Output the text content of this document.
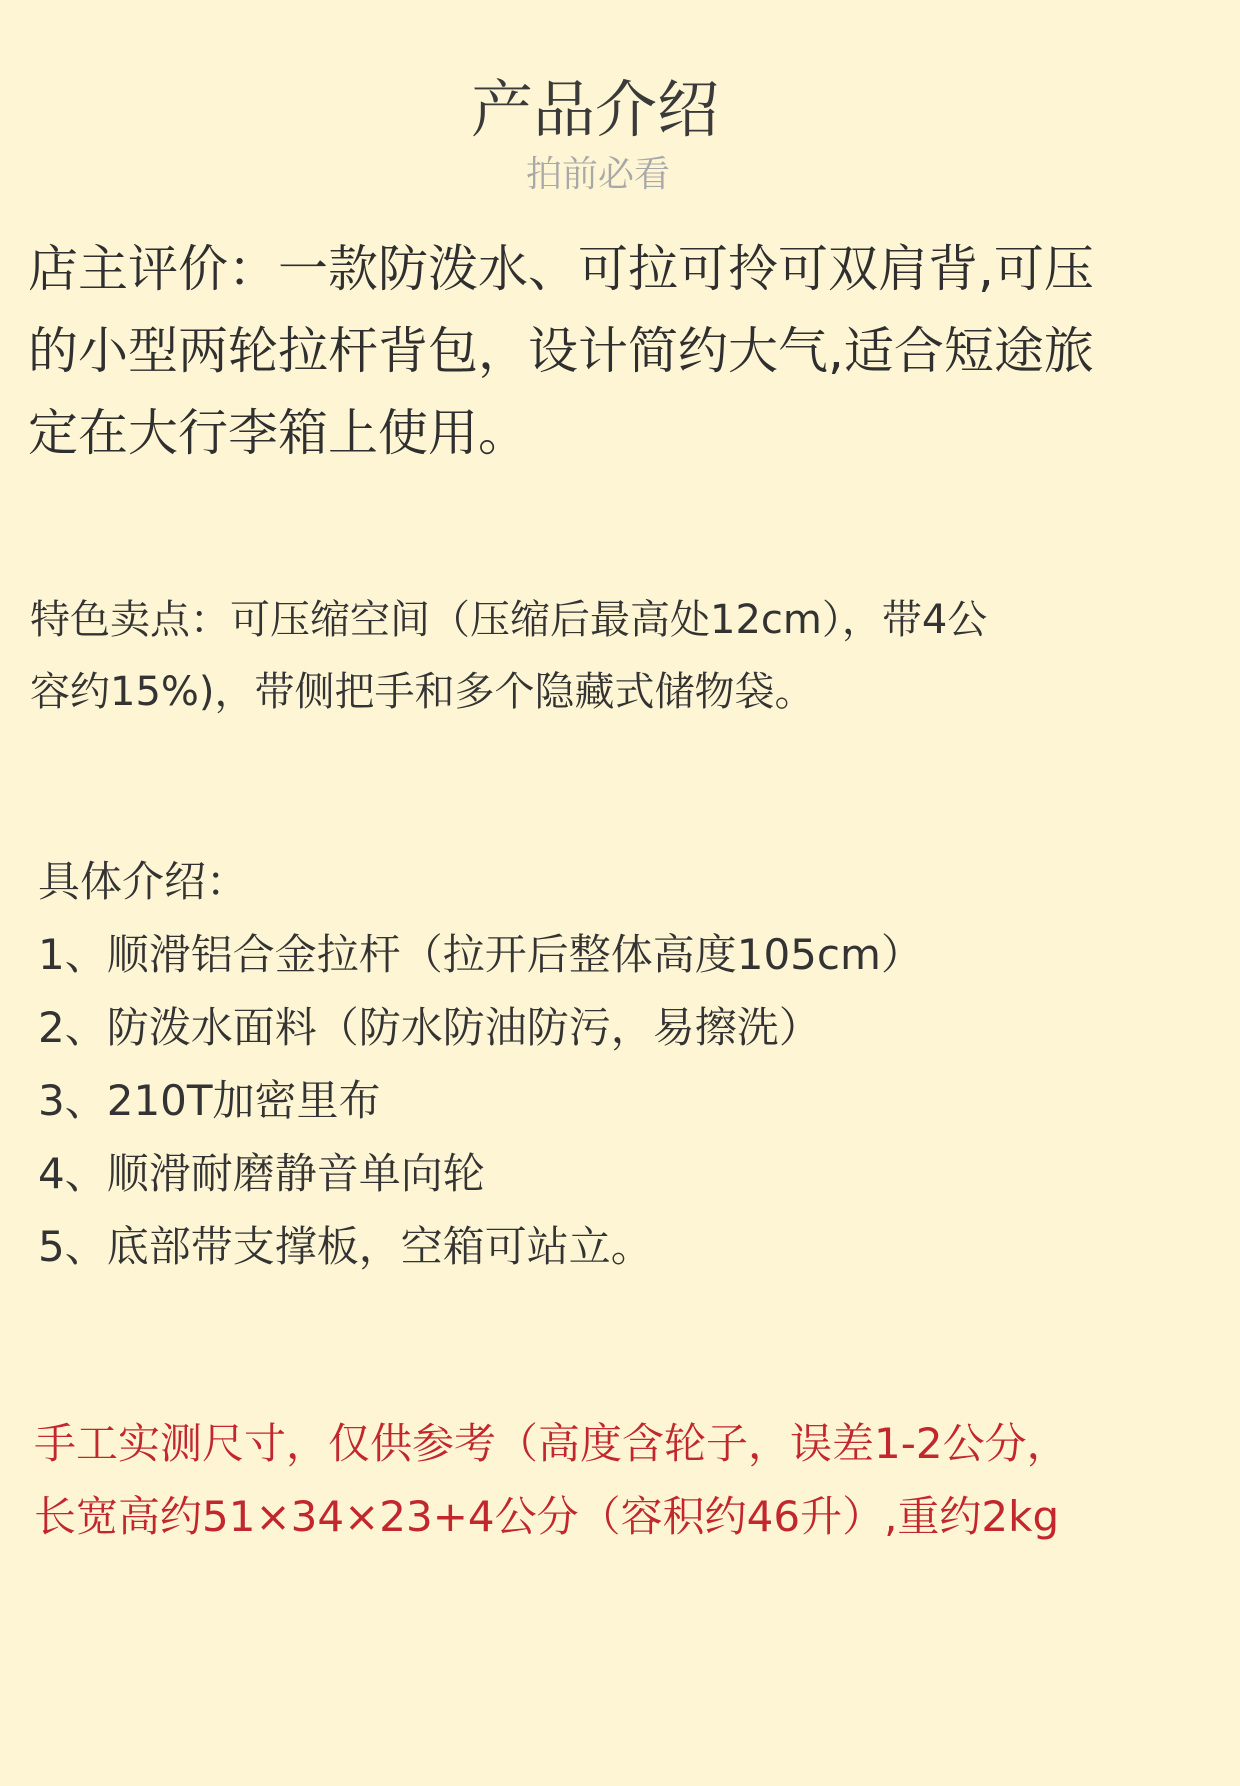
产品介绍
拍前必看
店主评价：一款防泼水、可拉可拎可双肩背,可压
的小型两轮拉杆背包，设计简约大气,适合短途旅
定在大行李箱上使用。
特色卖点：可压缩空间（压缩后最高处12cm），带4公
容约15%)，带侧把手和多个隐藏式储物袋。
具体介绍：
1、顺滑铝合金拉杆（拉开后整体高度105cm）
2、防泼水面料（防水防油防污，易擦洗）
3、210T加密里布
4、顺滑耐磨静音单向轮
5、底部带支撑板，空箱可站立。
手工实测尺寸，仅供参考（高度含轮子，误差1-2公分，
长宽高约51×34×23+4公分（容积约46升）,重约2kg
